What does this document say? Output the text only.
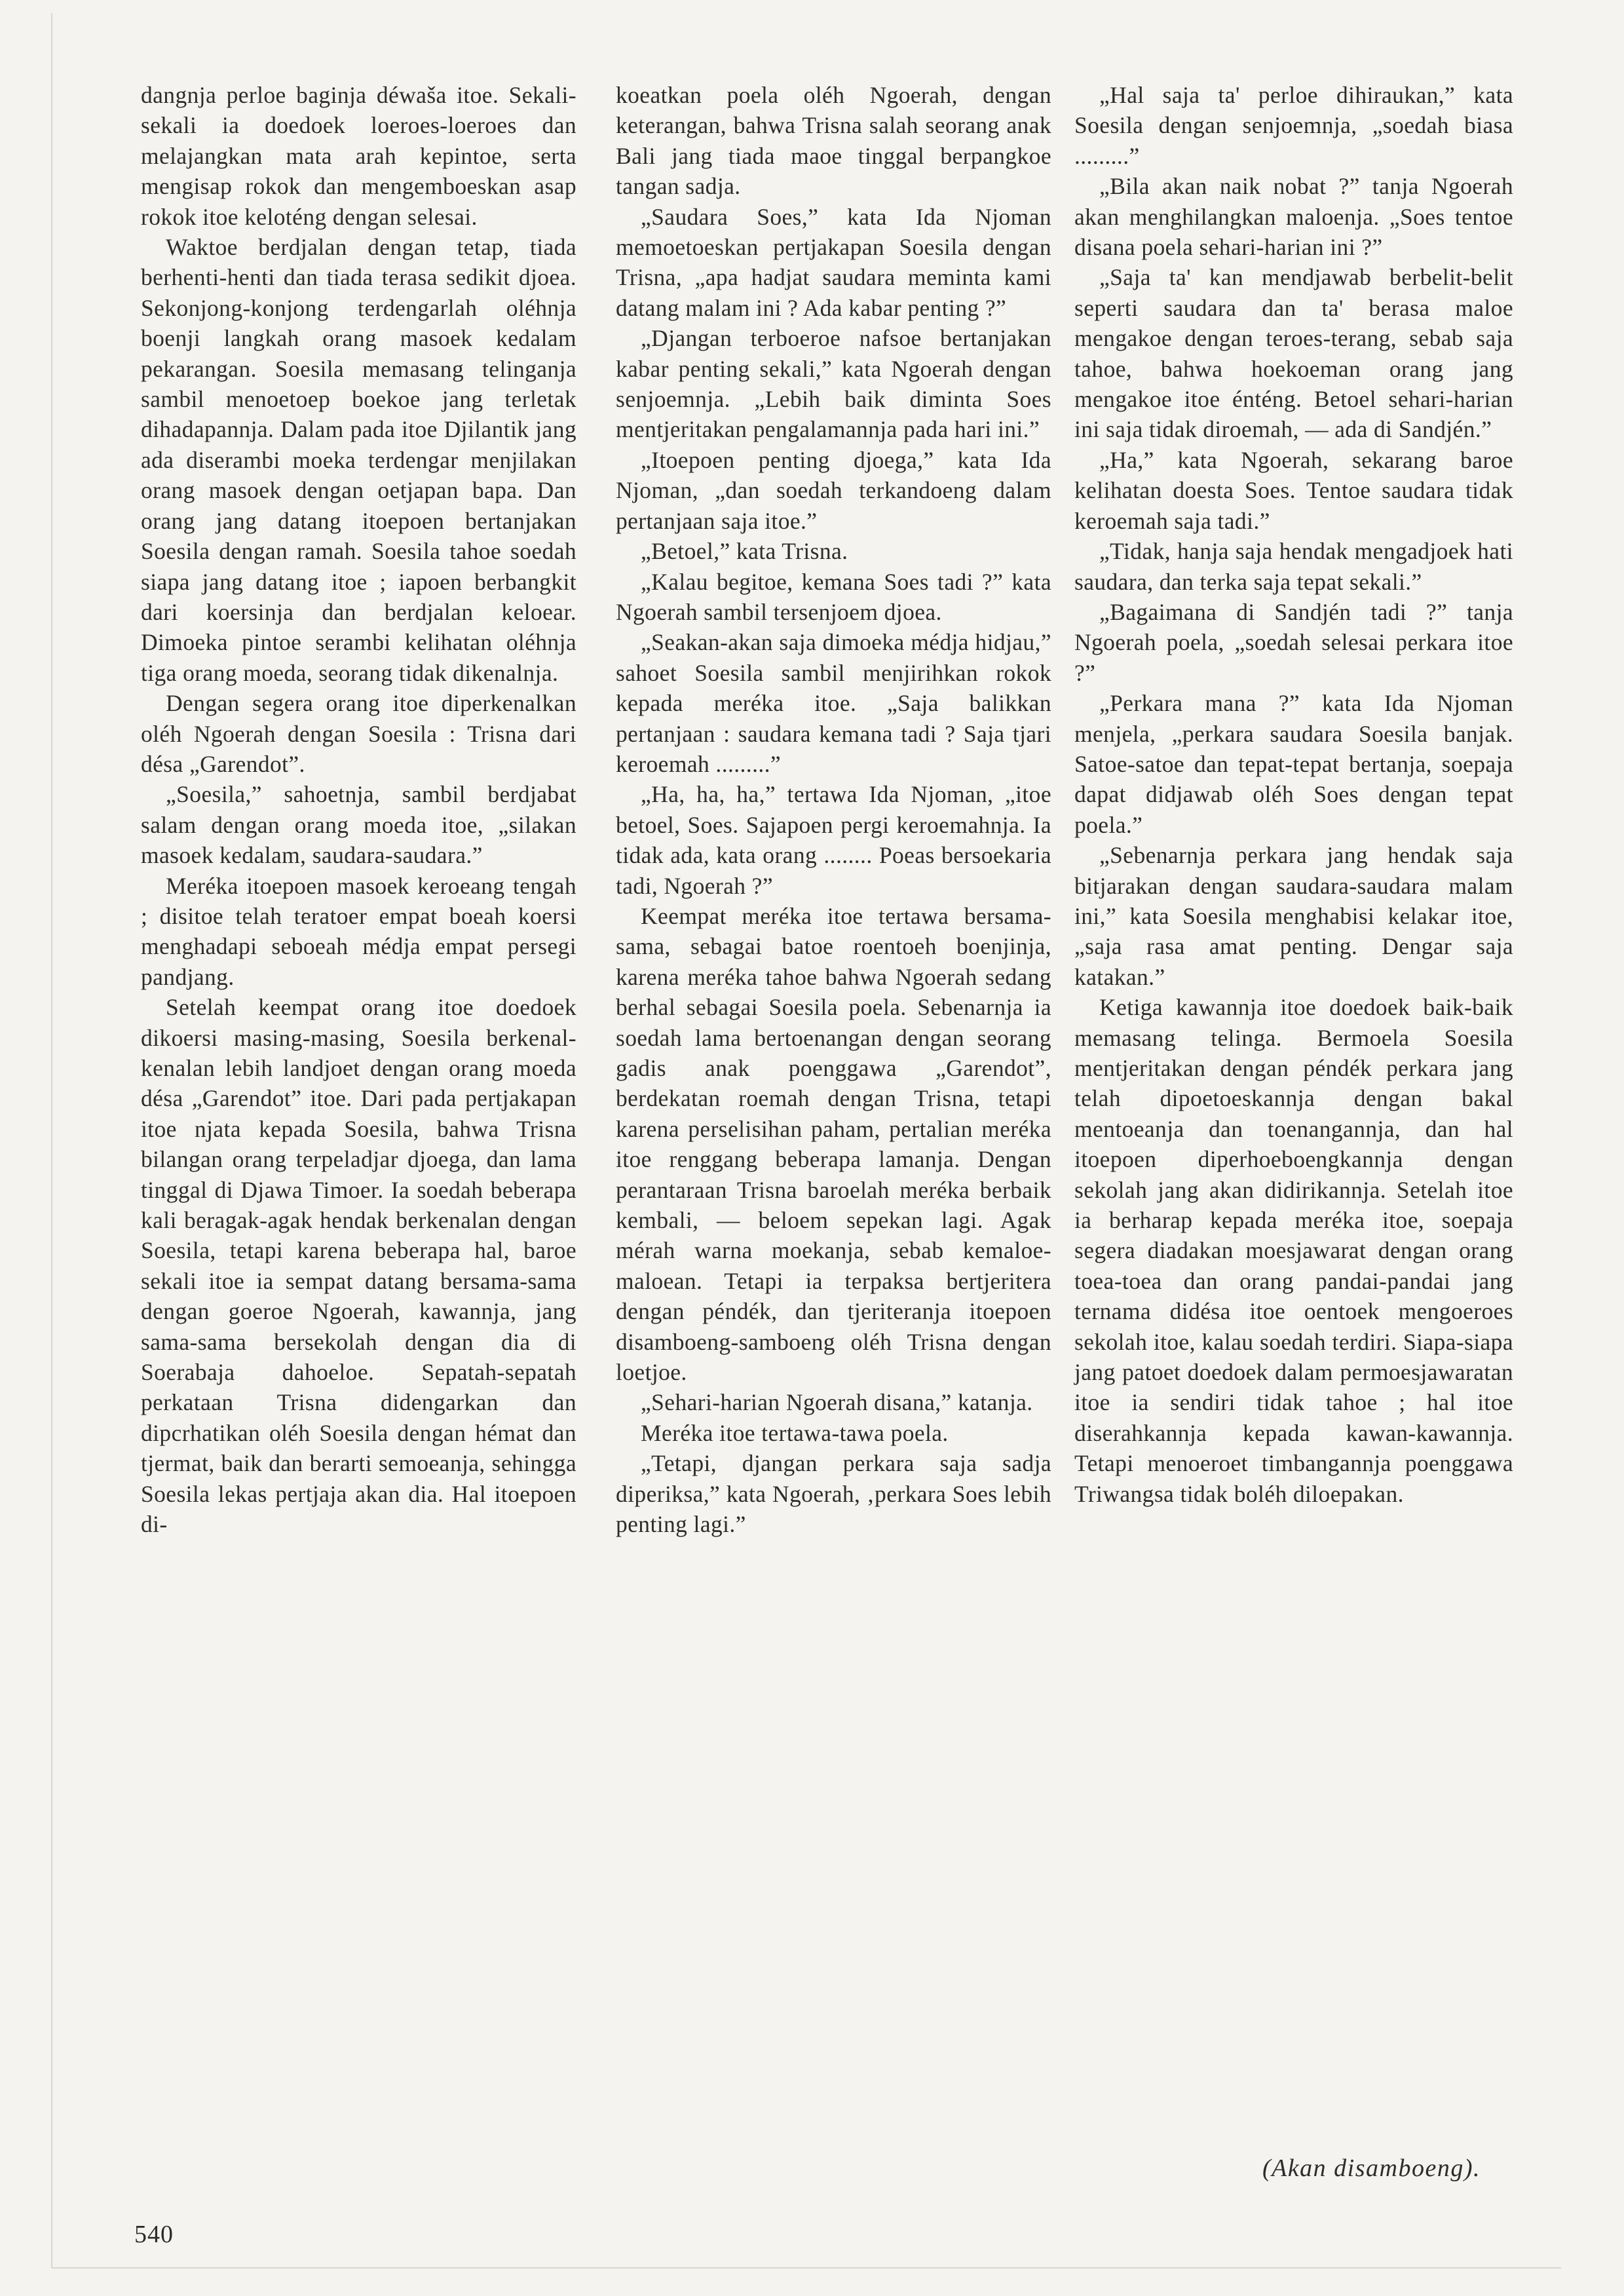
dangnja perloe baginja déwaša itoe. Sekali-sekali ia doedoek loeroes-loeroes dan melajangkan mata arah kepintoe, serta mengisap rokok dan mengemboeskan asap rokok itoe keloténg dengan selesai.

Waktoe berdjalan dengan tetap, tiada berhenti-henti dan tiada terasa sedikit djoea. Sekonjong-konjong terdengarlah oléhnja boenji langkah orang masoek kedalam pekarangan. Soesila memasang telinganja sambil menoetoep boekoe jang terletak dihadapannja. Dalam pada itoe Djilantik jang ada diserambi moeka terdengar menjilakan orang masoek dengan oetjapan bapa. Dan orang jang datang itoepoen bertanjakan Soesila dengan ramah. Soesila tahoe soedah siapa jang datang itoe ; iapoen berbangkit dari koersinja dan berdjalan keloear. Dimoeka pintoe serambi kelihatan oléhnja tiga orang moeda, seorang tidak dikenalnja.

Dengan segera orang itoe diperkenalkan oléh Ngoerah dengan Soesila : Trisna dari désa „Garendot”.

„Soesila,” sahoetnja, sambil berdjabat salam dengan orang moeda itoe, „silakan masoek kedalam, saudara-saudara.”

Meréka itoepoen masoek keroeang tengah ; disitoe telah teratoer empat boeah koersi menghadapi seboeah médja empat persegi pandjang.

Setelah keempat orang itoe doedoek dikoersi masing-masing, Soesila berkenal-kenalan lebih landjoet dengan orang moeda désa „Garendot” itoe. Dari pada pertjakapan itoe njata kepada Soesila, bahwa Trisna bilangan orang terpeladjar djoega, dan lama tinggal di Djawa Timoer. Ia soedah beberapa kali beragak-agak hendak berkenalan dengan Soesila, tetapi karena beberapa hal, baroe sekali itoe ia sempat datang bersama-sama dengan goeroe Ngoerah, kawannja, jang sama-sama bersekolah dengan dia di Soerabaja dahoeloe. Sepatah-sepatah perkataan Trisna didengarkan dan dipcrhatikan oléh Soesila dengan hémat dan tjermat, baik dan berarti semoeanja, sehingga Soesila lekas pertjaja akan dia. Hal itoepoen di-

koeatkan poela oléh Ngoerah, dengan keterangan, bahwa Trisna salah seorang anak Bali jang tiada maoe tinggal berpangkoe tangan sadja.

„Saudara Soes,” kata Ida Njoman memoetoeskan pertjakapan Soesila dengan Trisna, „apa hadjat saudara meminta kami datang malam ini ? Ada kabar penting ?”

„Djangan terboeroe nafsoe bertanjakan kabar penting sekali,” kata Ngoerah dengan senjoemnja. „Lebih baik diminta Soes mentjeritakan pengalamannja pada hari ini.”

„Itoepoen penting djoega,” kata Ida Njoman, „dan soedah terkandoeng dalam pertanjaan saja itoe.”

„Betoel,” kata Trisna.

„Kalau begitoe, kemana Soes tadi ?” kata Ngoerah sambil tersenjoem djoea.

„Seakan-akan saja dimoeka médja hidjau,” sahoet Soesila sambil menjirihkan rokok kepada meréka itoe. „Saja balikkan pertanjaan : saudara kemana tadi ? Saja tjari keroemah .........”

„Ha, ha, ha,” tertawa Ida Njoman, „itoe betoel, Soes. Sajapoen pergi keroemahnja. Ia tidak ada, kata orang ........ Poeas bersoekaria tadi, Ngoerah ?”

Keempat meréka itoe tertawa bersama-sama, sebagai batoe roentoeh boenjinja, karena meréka tahoe bahwa Ngoerah sedang berhal sebagai Soesila poela. Sebenarnja ia soedah lama bertoenangan dengan seorang gadis anak poenggawa „Garendot”, berdekatan roemah dengan Trisna, tetapi karena perselisihan paham, pertalian meréka itoe renggang beberapa lamanja. Dengan perantaraan Trisna baroelah meréka berbaik kembali, — beloem sepekan lagi. Agak mérah warna moekanja, sebab kemaloe-maloean. Tetapi ia terpaksa bertjeritera dengan péndék, dan tjeriteranja itoepoen disamboeng-samboeng oléh Trisna dengan loetjoe.

„Sehari-harian Ngoerah disana,” katanja.

Meréka itoe tertawa-tawa poela.

„Tetapi, djangan perkara saja sadja diperiksa,” kata Ngoerah, ‚perkara Soes lebih penting lagi.”

„Hal saja ta' perloe dihiraukan,” kata Soesila dengan senjoemnja, „soedah biasa .........”

„Bila akan naik nobat ?” tanja Ngoerah akan menghilangkan maloenja. „Soes tentoe disana poela sehari-harian ini ?”

„Saja ta' kan mendjawab berbelit-belit seperti saudara dan ta' berasa maloe mengakoe dengan teroes-terang, sebab saja tahoe, bahwa hoekoeman orang jang mengakoe itoe énténg. Betoel sehari-harian ini saja tidak diroemah, — ada di Sandjén.”

„Ha,” kata Ngoerah, sekarang baroe kelihatan doesta Soes. Tentoe saudara tidak keroemah saja tadi.”

„Tidak, hanja saja hendak mengadjoek hati saudara, dan terka saja tepat sekali.”

„Bagaimana di Sandjén tadi ?” tanja Ngoerah poela, „soedah selesai perkara itoe ?”

„Perkara mana ?” kata Ida Njoman menjela, „perkara saudara Soesila banjak. Satoe-satoe dan tepat-tepat bertanja, soepaja dapat didjawab oléh Soes dengan tepat poela.”

„Sebenarnja perkara jang hendak saja bitjarakan dengan saudara-saudara malam ini,” kata Soesila menghabisi kelakar itoe, „saja rasa amat penting. Dengar saja katakan.”

Ketiga kawannja itoe doedoek baik-baik memasang telinga. Bermoela Soesila mentjeritakan dengan péndék perkara jang telah dipoetoeskannja dengan bakal mentoeanja dan toenangannja, dan hal itoepoen diperhoeboengkannja dengan sekolah jang akan didirikannja. Setelah itoe ia berharap kepada meréka itoe, soepaja segera diadakan moesjawarat dengan orang toea-toea dan orang pandai-pandai jang ternama didésa itoe oentoek mengoeroes sekolah itoe, kalau soedah terdiri. Siapa-siapa jang patoet doedoek dalam permoesjawaratan itoe ia sendiri tidak tahoe ; hal itoe diserahkannja kepada kawan-kawannja. Tetapi menoeroet timbangannja poenggawa Triwangsa tidak boléh diloepakan.

(Akan disamboeng).
540
